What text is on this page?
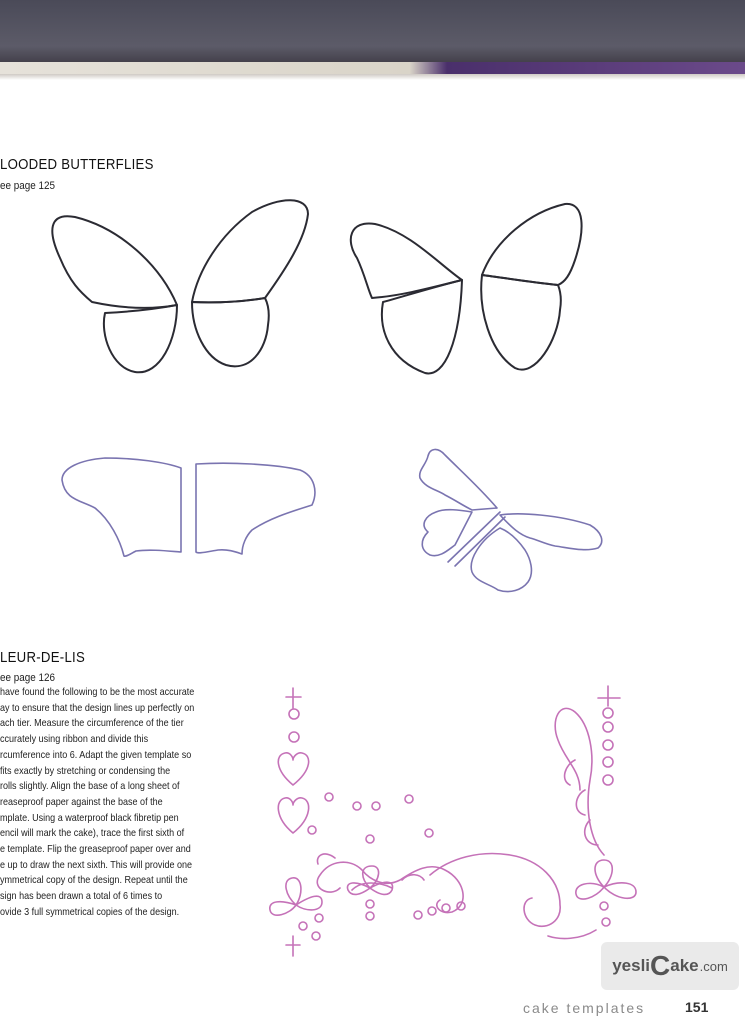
LOODED BUTTERFLIES
ee page 125
LEUR-DE-LIS
ee page 126
have found the following to be the most accurate
ay to ensure that the design lines up perfectly on
ach tier. Measure the circumference of the tier
ccurately using ribbon and divide this
rcumference into 6. Adapt the given template so
fits exactly by stretching or condensing the
rolls slightly. Align the base of a long sheet of
reaseproof paper against the base of the
mplate. Using a waterproof black fibretip pen
encil will mark the cake), trace the first sixth of
e template. Flip the greaseproof paper over and
e up to draw the next sixth. This will provide one
ymmetrical copy of the design. Repeat until the
sign has been drawn a total of 6 times to
ovide 3 full symmetrical copies of the design.
yesli C ake .com
cake templates	151
